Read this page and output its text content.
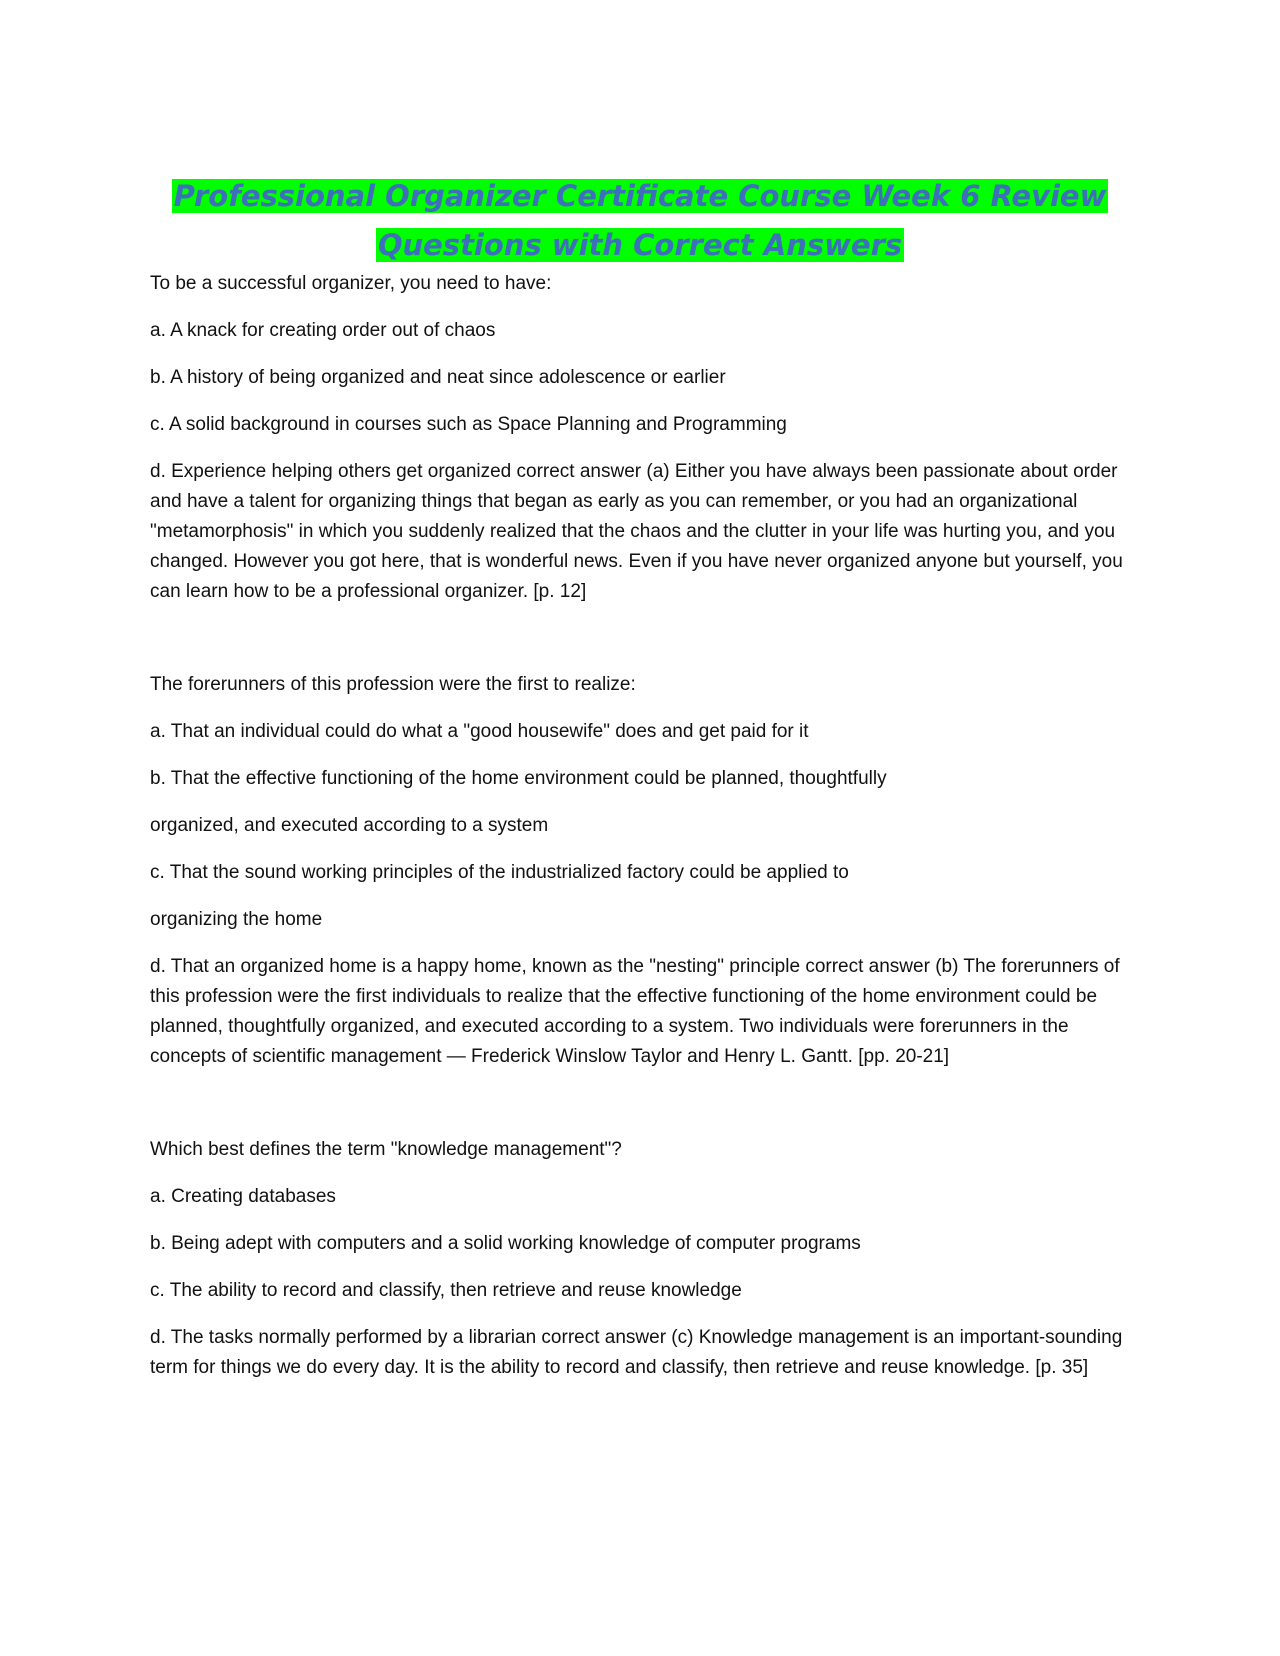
Professional Organizer Certificate Course Week 6 Review
Questions with Correct Answers

To be a successful organizer, you need to have:

a. A knack for creating order out of chaos

b. A history of being organized and neat since adolescence or earlier

c. A solid background in courses such as Space Planning and Programming

d. Experience helping others get organized correct answer (a) Either you have always been passionate about order and have a talent for organizing things that began as early as you can remember, or you had an organizational "metamorphosis" in which you suddenly realized that the chaos and the clutter in your life was hurting you, and you changed. However you got here, that is wonderful news. Even if you have never organized anyone but yourself, you can learn how to be a professional organizer. [p. 12]

The forerunners of this profession were the first to realize:

a. That an individual could do what a "good housewife" does and get paid for it

b. That the effective functioning of the home environment could be planned, thoughtfully

organized, and executed according to a system

c. That the sound working principles of the industrialized factory could be applied to

organizing the home

d. That an organized home is a happy home, known as the "nesting" principle correct answer (b) The forerunners of this profession were the first individuals to realize that the effective functioning of the home environment could be planned, thoughtfully organized, and executed according to a system. Two individuals were forerunners in the concepts of scientific management — Frederick Winslow Taylor and Henry L. Gantt. [pp. 20-21]

Which best defines the term "knowledge management"?

a. Creating databases

b. Being adept with computers and a solid working knowledge of computer programs

c. The ability to record and classify, then retrieve and reuse knowledge

d. The tasks normally performed by a librarian correct answer (c) Knowledge management is an important-sounding term for things we do every day. It is the ability to record and classify, then retrieve and reuse knowledge. [p. 35]
